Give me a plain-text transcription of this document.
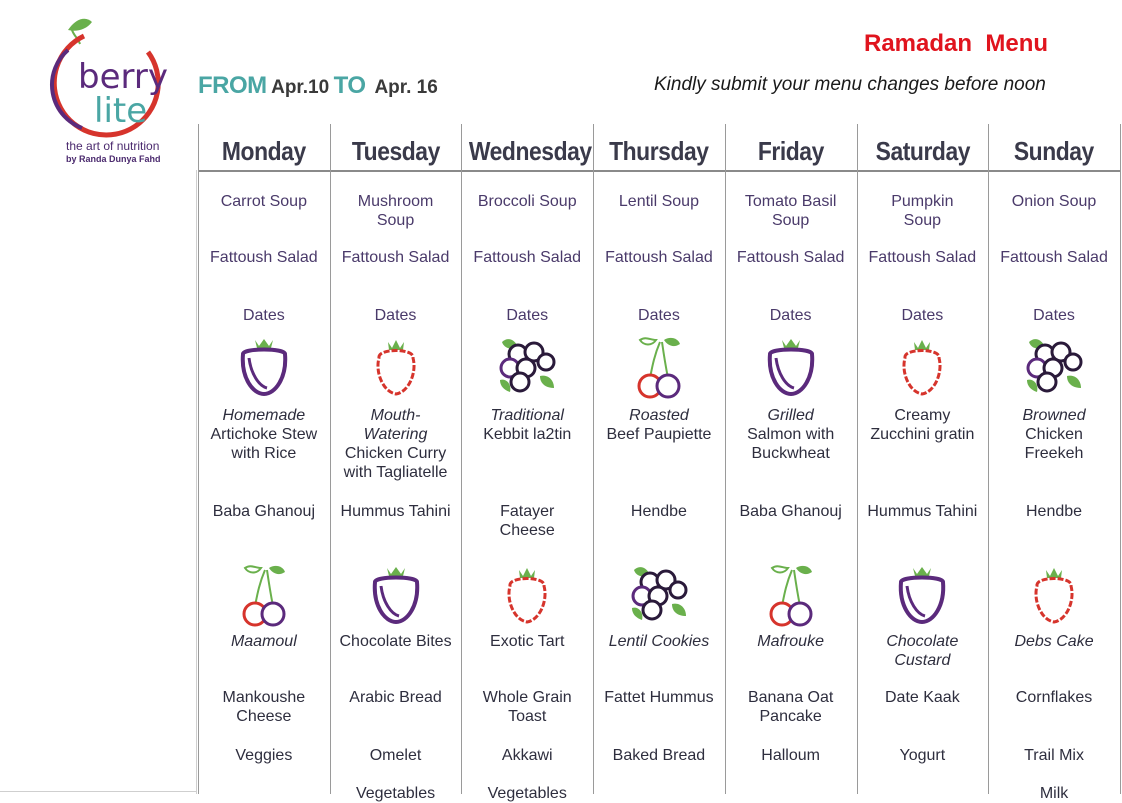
berry
lite
the art of nutrition
by Randa Dunya Fahd
Ramadan  Menu
FROM Apr.10 TO Apr. 16	Kindly submit your menu changes before noon
Monday
Carrot Soup
Fattoush Salad
Dates
Homemade
Artichoke Stew
with Rice
Baba Ghanouj
Maamoul
Mankoushe
Cheese
Veggies
Tuesday
Mushroom
Soup
Fattoush Salad
Dates
Mouth-
Watering
Chicken Curry
with Tagliatelle
Hummus Tahini
Chocolate Bites
Arabic Bread
Omelet

Vegetables
Wednesday
Broccoli Soup
Fattoush Salad
Dates
Traditional
Kebbit la2tin
Fatayer
Cheese
Exotic Tart
Whole Grain
Toast
Akkawi

Vegetables
Thursday
Lentil Soup
Fattoush Salad
Dates
Roasted
Beef Paupiette
Hendbe
Lentil Cookies
Fattet Hummus
Baked Bread
Friday
Tomato Basil
Soup
Fattoush Salad
Dates
Grilled
Salmon with
Buckwheat
Baba Ghanouj
Mafrouke
Banana Oat
Pancake
Halloum
Saturday
Pumpkin
Soup
Fattoush Salad
Dates
Creamy
Zucchini gratin
Hummus Tahini
Chocolate
Custard
Date Kaak
Yogurt
Sunday
Onion Soup
Fattoush Salad
Dates
Browned
Chicken
Freekeh
Hendbe
Debs Cake
Cornflakes
Trail Mix

Milk
